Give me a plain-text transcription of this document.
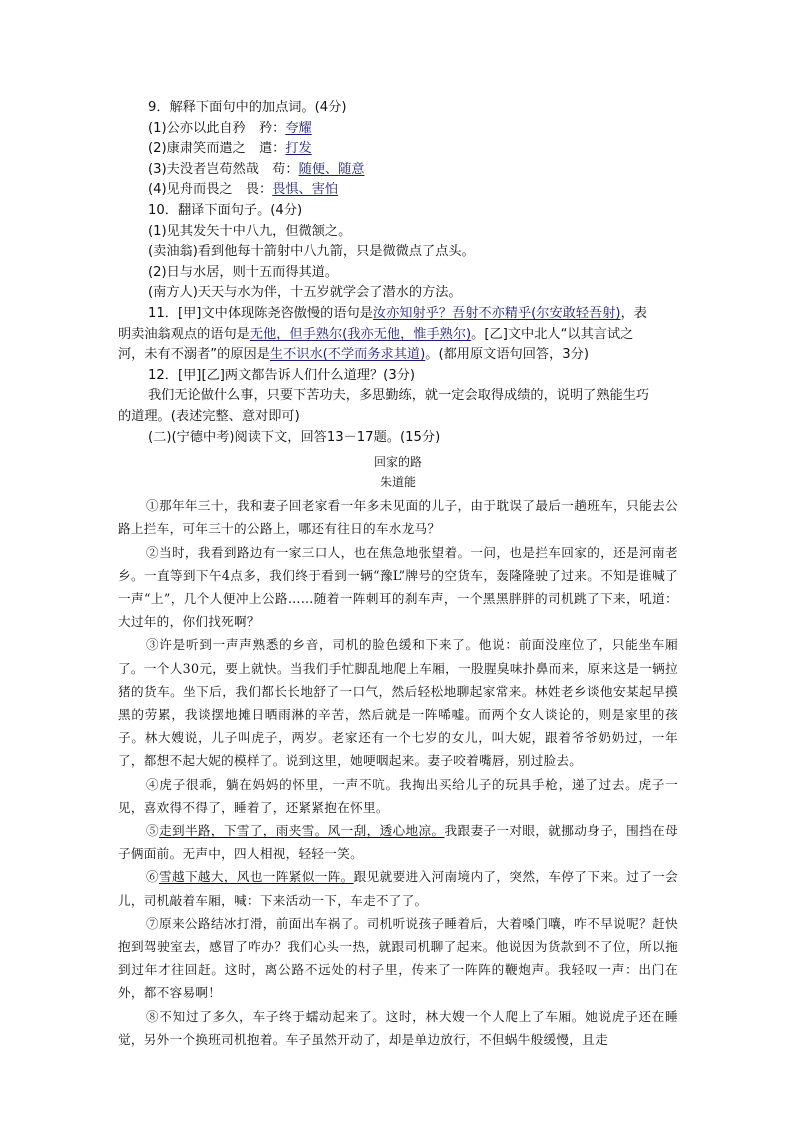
9．解释下面句中的加点词。(4分)

(1)公亦以此自矜　矜：夸耀

(2)康肃笑而遣之　遣：打发

(3)夫没者岂苟然哉　苟：随便、随意

(4)见舟而畏之　畏：畏惧、害怕

10．翻译下面句子。(4分)

(1)见其发矢十中八九，但微颔之。

(卖油翁)看到他每十箭射中八九箭，只是微微点了点头。

(2)日与水居，则十五而得其道。

(南方人)天天与水为伴，十五岁就学会了潜水的方法。

11．[甲]文中体现陈尧咨傲慢的语句是汝亦知射乎？吾射不亦精乎(尔安敢轻吾射)，表

明卖油翁观点的语句是无他，但手熟尔(我亦无他，惟手熟尔)。[乙]文中北人“以其言试之

河，未有不溺者”的原因是生不识水(不学而务求其道)。(都用原文语句回答，3分)

12．[甲][乙]两文都告诉人们什么道理？(3分)

我们无论做什么事，只要下苦功夫，多思勤练，就一定会取得成绩的，说明了熟能生巧

的道理。(表述完整、意对即可)

(二)(宁德中考)阅读下文，回答13－17题。(15分)

回家的路

朱道能

①那年年三十，我和妻子回老家看一年多未见面的儿子，由于耽误了最后一趟班车，只能去公路上拦车，可年三十的公路上，哪还有往日的车水龙马？

②当时，我看到路边有一家三口人，也在焦急地张望着。一问，也是拦车回家的，还是河南老乡。一直等到下午4点多，我们终于看到一辆“豫L”牌号的空货车，轰隆隆驶了过来。不知是谁喊了一声“上”，几个人便冲上公路……随着一阵刺耳的刹车声，一个黑黑胖胖的司机跳了下来，吼道：大过年的，你们找死啊？

③许是听到一声声熟悉的乡音，司机的脸色缓和下来了。他说：前面没座位了，只能坐车厢了。一个人30元，要上就快。当我们手忙脚乱地爬上车厢，一股腥臭味扑鼻而来，原来这是一辆拉猪的货车。坐下后，我们都长长地舒了一口气，然后轻松地聊起家常来。林姓老乡谈他安某起早摸黑的劳累，我谈摆地摊日晒雨淋的辛苦，然后就是一阵唏嘘。而两个女人谈论的，则是家里的孩子。林大嫂说，儿子叫虎子，两岁。老家还有一个七岁的女儿，叫大妮，跟着爷爷奶奶过，一年了，都想不起大妮的模样了。说到这里，她哽咽起来。妻子咬着嘴唇，别过脸去。

④虎子很乖，躺在妈妈的怀里，一声不吭。我掏出买给儿子的玩具手枪，递了过去。虎子一见，喜欢得不得了，睡着了，还紧紧抱在怀里。

⑤走到半路，下雪了，雨夹雪。风一刮，透心地凉。我跟妻子一对眼，就挪动身子，围挡在母子俩面前。无声中，四人相视，轻轻一笑。

⑥雪越下越大，风也一阵紧似一阵。跟见就要进入河南境内了，突然，车停了下来。过了一会儿，司机敲着车厢，喊：下来活动一下，车走不了了。

⑦原来公路结冰打滑，前面出车祸了。司机听说孩子睡着后，大着嗓门嚷，咋不早说呢？赶快抱到驾驶室去，感冒了咋办？我们心头一热，就跟司机聊了起来。他说因为货款到不了位，所以拖到过年才往回赶。这时，离公路不远处的村子里，传来了一阵阵的鞭炮声。我轻叹一声：出门在外，都不容易啊！

⑧不知过了多久，车子终于蠕动起来了。这时，林大嫂一个人爬上了车厢。她说虎子还在睡觉，另外一个换班司机抱着。车子虽然开动了，却是单边放行，不但蜗牛般缓慢，且走
